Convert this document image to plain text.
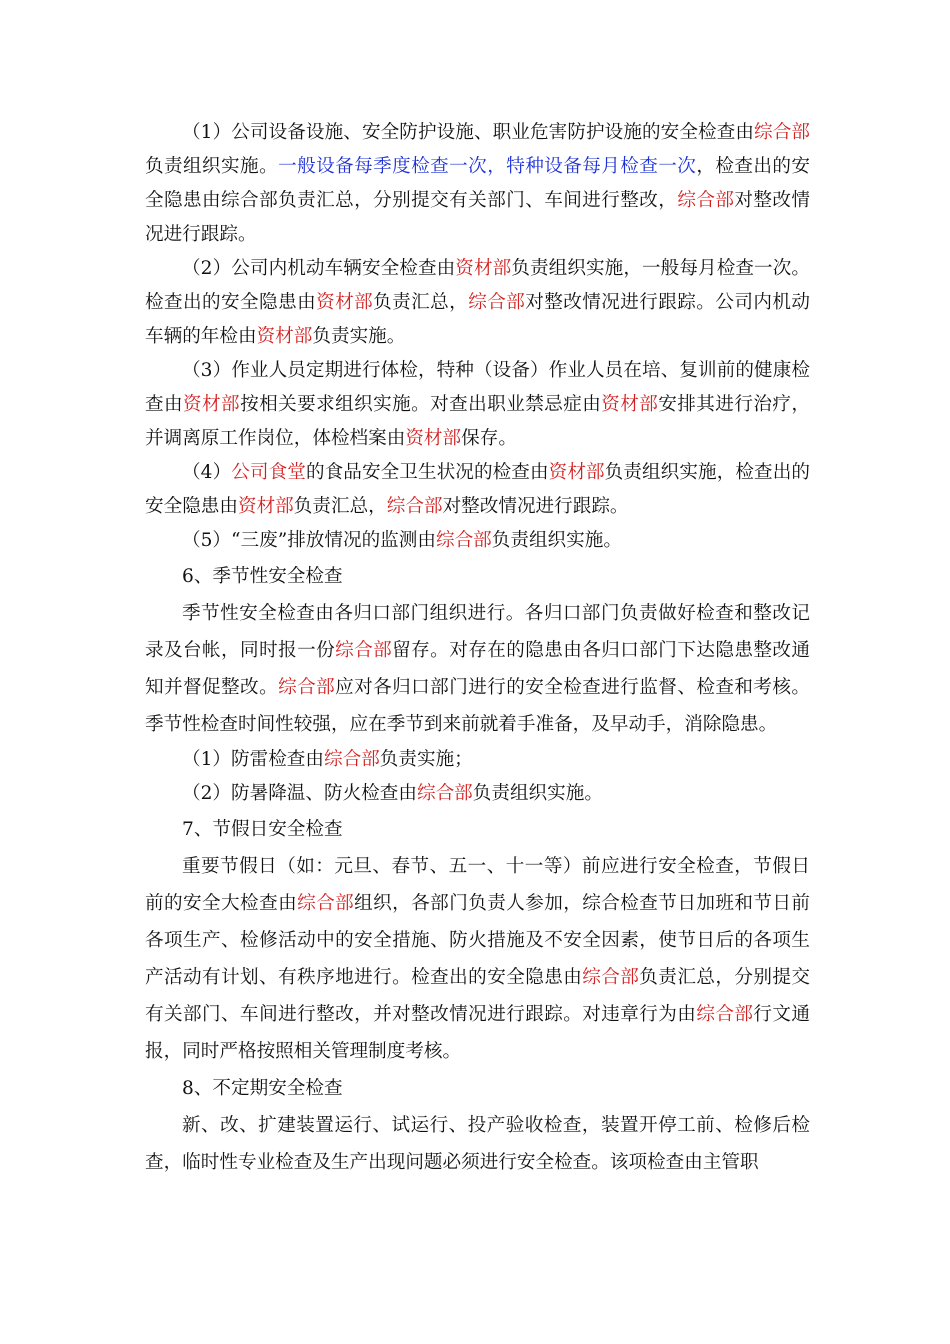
（1）公司设备设施、安全防护设施、职业危害防护设施的安全检查由综合部负责组织实施。一般设备每季度检查一次，特种设备每月检查一次，检查出的安全隐患由综合部负责汇总，分别提交有关部门、车间进行整改，综合部对整改情况进行跟踪。

（2）公司内机动车辆安全检查由资材部负责组织实施，一般每月检查一次。检查出的安全隐患由资材部负责汇总，综合部对整改情况进行跟踪。公司内机动车辆的年检由资材部负责实施。

（3）作业人员定期进行体检，特种（设备）作业人员在培、复训前的健康检查由资材部按相关要求组织实施。对查出职业禁忌症由资材部安排其进行治疗，并调离原工作岗位，体检档案由资材部保存。

（4）公司食堂的食品安全卫生状况的检查由资材部负责组织实施，检查出的安全隐患由资材部负责汇总，综合部对整改情况进行跟踪。

（5）“三废”排放情况的监测由综合部负责组织实施。

6、季节性安全检查

季节性安全检查由各归口部门组织进行。各归口部门负责做好检查和整改记录及台帐，同时报一份综合部留存。对存在的隐患由各归口部门下达隐患整改通知并督促整改。综合部应对各归口部门进行的安全检查进行监督、检查和考核。季节性检查时间性较强，应在季节到来前就着手准备，及早动手，消除隐患。

（1）防雷检查由综合部负责实施；

（2）防暑降温、防火检查由综合部负责组织实施。

7、节假日安全检查

重要节假日（如：元旦、春节、五一、十一等）前应进行安全检查，节假日前的安全大检查由综合部组织，各部门负责人参加，综合检查节日加班和节日前各项生产、检修活动中的安全措施、防火措施及不安全因素，使节日后的各项生产活动有计划、有秩序地进行。检查出的安全隐患由综合部负责汇总，分别提交有关部门、车间进行整改，并对整改情况进行跟踪。对违章行为由综合部行文通报，同时严格按照相关管理制度考核。

8、不定期安全检查

新、改、扩建装置运行、试运行、投产验收检查，装置开停工前、检修后检查，临时性专业检查及生产出现问题必须进行安全检查。该项检查由主管职
